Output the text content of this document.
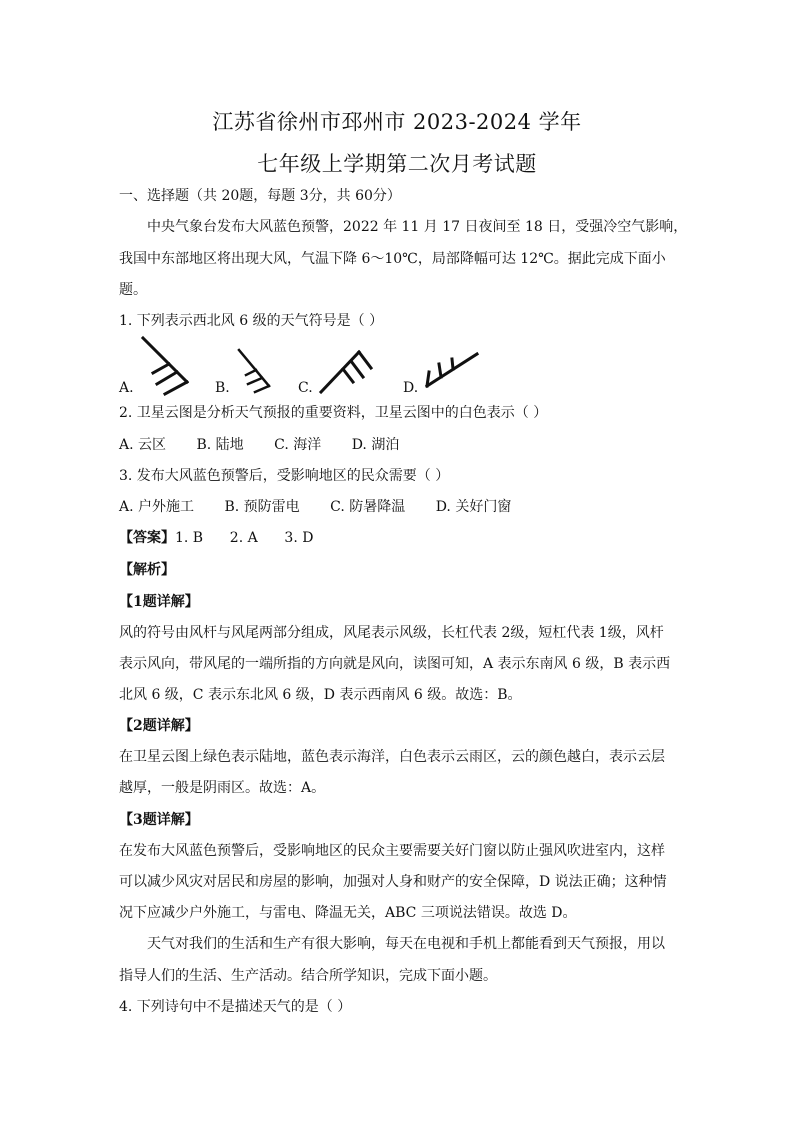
江苏省徐州市邳州市 2023-2024 学年
七年级上学期第二次月考试题
一、选择题（共 20题，每题 3分，共 60分）
中央气象台发布大风蓝色预警，2022 年 11 月 17 日夜间至 18 日，受强冷空气影响，
我国中东部地区将出现大风，气温下降 6～10℃，局部降幅可达 12℃。据此完成下面小
题。
1. 下列表示西北风 6 级的天气符号是（ ）
A.	B.	C.	D.
2. 卫星云图是分析天气预报的重要资料，卫星云图中的白色表示（ ）
A. 云区 B. 陆地 C. 海洋 D. 湖泊
3. 发布大风蓝色预警后，受影响地区的民众需要（ ）
A. 户外施工 B. 预防雷电 C. 防暑降温 D. 关好门窗
【答案】1. B      2. A      3. D
【解析】
【1题详解】
风的符号由风杆与风尾两部分组成，风尾表示风级，长杠代表 2级，短杠代表 1级，风杆
表示风向，带风尾的一端所指的方向就是风向，读图可知，A 表示东南风 6 级，B 表示西
北风 6 级，C 表示东北风 6 级，D 表示西南风 6 级。故选：B。
【2题详解】
在卫星云图上绿色表示陆地，蓝色表示海洋，白色表示云雨区，云的颜色越白，表示云层
越厚，一般是阴雨区。故选：A。
【3题详解】
在发布大风蓝色预警后，受影响地区的民众主要需要关好门窗以防止强风吹进室内，这样
可以减少风灾对居民和房屋的影响，加强对人身和财产的安全保障，D 说法正确；这种情
况下应减少户外施工，与雷电、降温无关，ABC 三项说法错误。故选 D。
天气对我们的生活和生产有很大影响，每天在电视和手机上都能看到天气预报，用以
指导人们的生活、生产活动。结合所学知识，完成下面小题。
4. 下列诗句中不是描述天气的是（ ）
